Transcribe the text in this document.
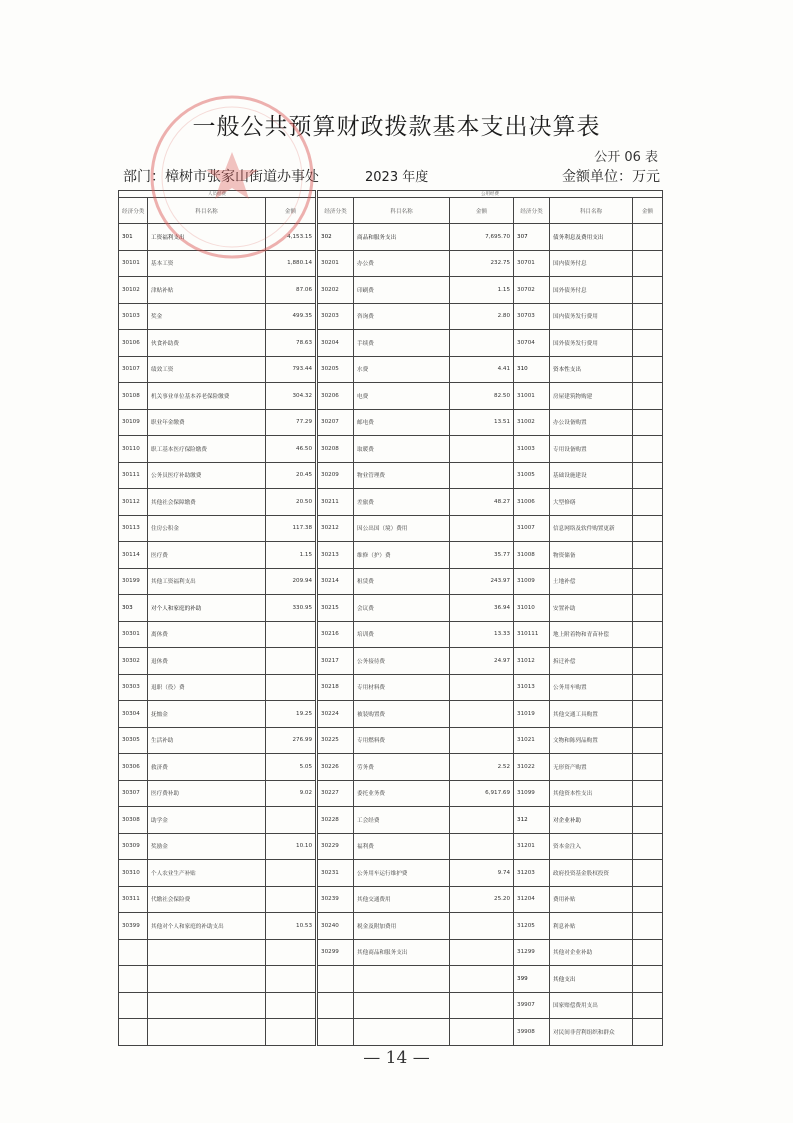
一般公共预算财政拨款基本支出决算表
公开 06 表
部门：樟树市张家山街道办事处	2023 年度	金额单位：万元
人员经费			公用经费					
经济分类	科目名称	金额	经济分类	科目名称	金额	经济分类	科目名称	金额
301	工资福利支出	4,153.15	302	商品和服务支出	7,695.70	307	债务利息及费用支出	
30101	基本工资	1,880.14	30201	办公费	232.75	30701	国内债务付息	
30102	津贴补贴	87.06	30202	印刷费	1.15	30702	国外债务付息	
30103	奖金	499.35	30203	咨询费	2.80	30703	国内债务发行费用	
30106	伙食补助费	78.63	30204	手续费		30704	国外债务发行费用	
30107	绩效工资	793.44	30205	水费	4.41	310	资本性支出	
30108	机关事业单位基本养老保险缴费	304.32	30206	电费	82.50	31001	房屋建筑物购建	
30109	职业年金缴费	77.29	30207	邮电费	13.51	31002	办公设备购置	
30110	职工基本医疗保险缴费	46.50	30208	取暖费		31003	专用设备购置	
30111	公务员医疗补助缴费	20.45	30209	物业管理费		31005	基础设施建设	
30112	其他社会保障缴费	20.50	30211	差旅费	48.27	31006	大型修缮	
30113	住房公积金	117.38	30212	因公出国（境）费用		31007	信息网络及软件购置更新	
30114	医疗费	1.15	30213	维修（护）费	35.77	31008	物资储备	
30199	其他工资福利支出	209.94	30214	租赁费	243.97	31009	土地补偿	
303	对个人和家庭的补助	330.95	30215	会议费	36.94	31010	安置补助	
30301	离休费		30216	培训费	13.33	310111	地上附着物和青苗补偿	
30302	退休费		30217	公务接待费	24.97	31012	拆迁补偿	
30303	退职（役）费		30218	专用材料费		31013	公务用车购置	
30304	抚恤金	19.25	30224	被装购置费		31019	其他交通工具购置	
30305	生活补助	276.99	30225	专用燃料费		31021	文物和陈列品购置	
30306	救济费	5.05	30226	劳务费	2.52	31022	无形资产购置	
30307	医疗费补助	9.02	30227	委托业务费	6,917.69	31099	其他资本性支出	
30308	助学金		30228	工会经费		312	对企业补助	
30309	奖励金	10.10	30229	福利费		31201	资本金注入	
30310	个人农业生产补贴		30231	公务用车运行维护费	9.74	31203	政府投资基金股权投资	
30311	代缴社会保险费		30239	其他交通费用	25.20	31204	费用补贴	
30399	其他对个人和家庭的补助支出	10.53	30240	税金及附加费用		31205	利息补贴	
			30299	其他商品和服务支出		31299	其他对企业补助	
						399	其他支出	
						39907	国家赔偿费用支出	
						39908	对民间非营利组织和群众	
— 14 —
